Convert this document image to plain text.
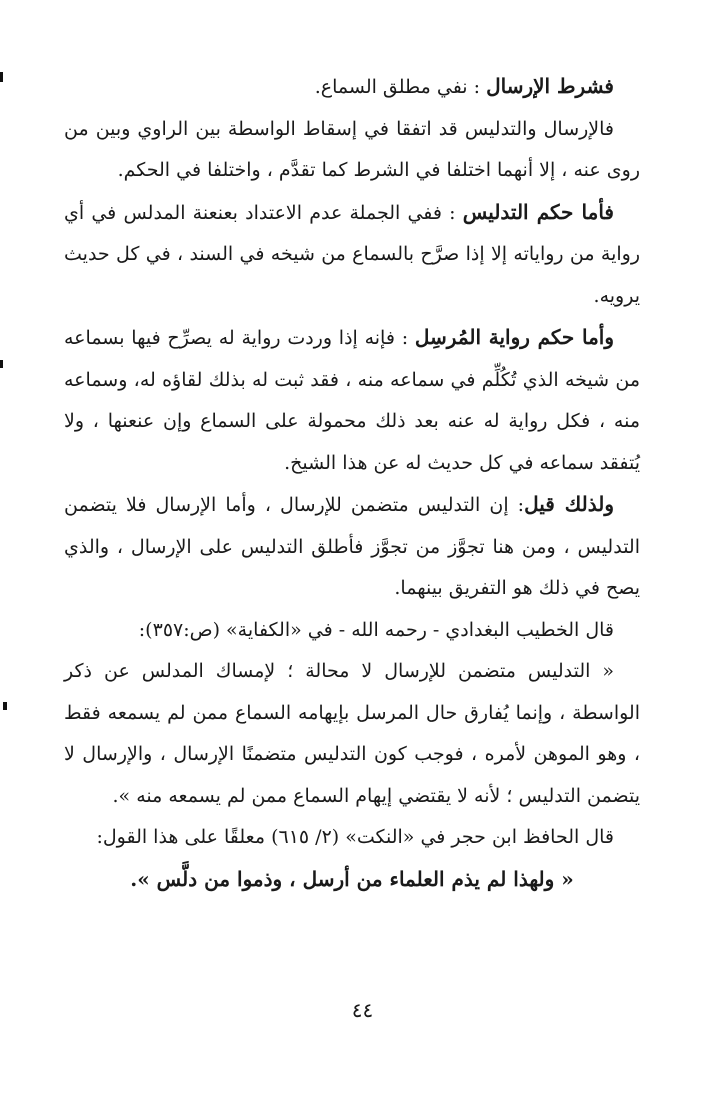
فشرط الإرسال : نفي مطلق السماع.

فالإرسال والتدليس قد اتفقا في إسقاط الواسطة بين الراوي وبين من روى عنه ، إلا أنهما اختلفا في الشرط كما تقدَّم ، واختلفا في الحكم.

فأما حكم التدليس : ففي الجملة عدم الاعتداد بعنعنة المدلس في أي رواية من رواياته إلا إذا صرَّح بالسماع من شيخه في السند ، في كل حديث يرويه.

وأما حكم رواية المُرسِل : فإنه إذا وردت رواية له يصرِّح فيها بسماعه من شيخه الذي تُكُلِّم في سماعه منه ، فقد ثبت له بذلك لقاؤه له، وسماعه منه ، فكل رواية له عنه بعد ذلك محمولة على السماع وإن عنعنها ، ولا يُتفقد سماعه في كل حديث له عن هذا الشيخ.

ولذلك قيل: إن التدليس متضمن للإرسال ، وأما الإرسال فلا يتضمن التدليس ، ومن هنا تجوَّز من تجوَّز فأطلق التدليس على الإرسال ، والذي يصح في ذلك هو التفريق بينهما.

قال الخطيب البغدادي - رحمه الله - في «الكفاية» (ص:٣٥٧):

« التدليس متضمن للإرسال لا محالة ؛ لإمساك المدلس عن ذكر الواسطة ، وإنما يُفارق حال المرسل بإيهامه السماع ممن لم يسمعه فقط ، وهو الموهن لأمره ، فوجب كون التدليس متضمنًا الإرسال ، والإرسال لا يتضمن التدليس ؛ لأنه لا يقتضي إيهام السماع ممن لم يسمعه منه ».

قال الحافظ ابن حجر في «النكت» (٢/ ٦١٥) معلقًا على هذا القول:

« ولهذا لم يذم العلماء من أرسل ، وذموا من دلَّس ».

٤٤
